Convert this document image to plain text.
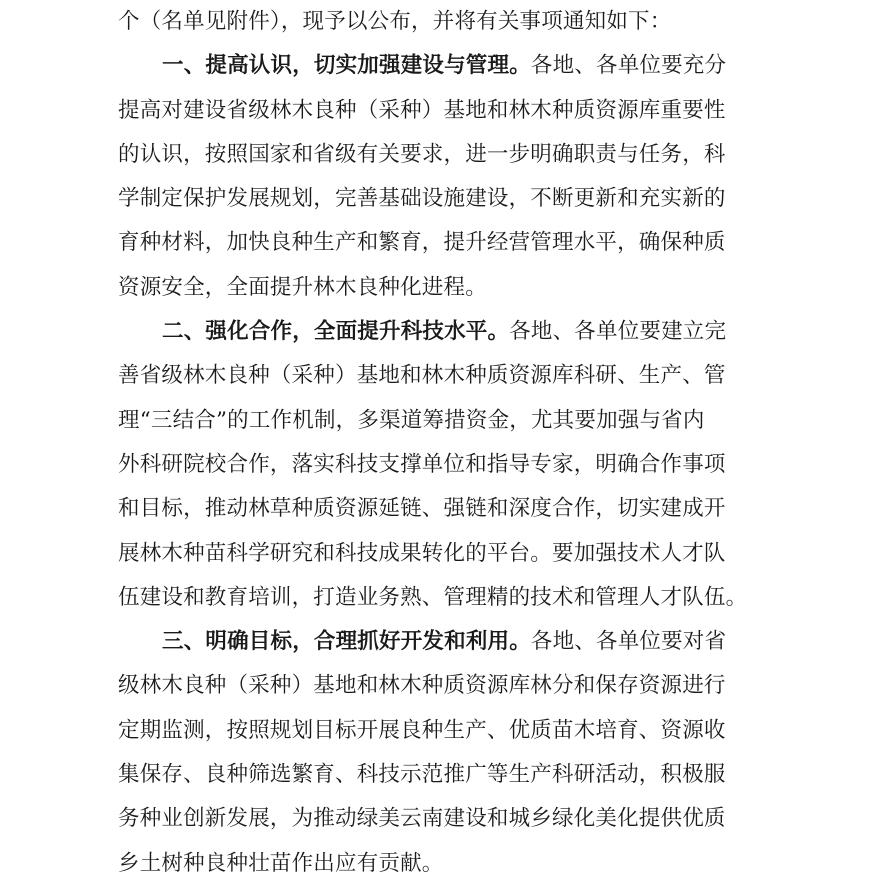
个（名单见附件），现予以公布，并将有关事项通知如下：
一、提高认识，切实加强建设与管理。各地、各单位要充分
提高对建设省级林木良种（采种）基地和林木种质资源库重要性
的认识，按照国家和省级有关要求，进一步明确职责与任务，科
学制定保护发展规划，完善基础设施建设，不断更新和充实新的
育种材料，加快良种生产和繁育，提升经营管理水平，确保种质
资源安全，全面提升林木良种化进程。
二、强化合作，全面提升科技水平。各地、各单位要建立完
善省级林木良种（采种）基地和林木种质资源库科研、生产、管
理“三结合”的工作机制，多渠道筹措资金，尤其要加强与省内
外科研院校合作，落实科技支撑单位和指导专家，明确合作事项
和目标，推动林草种质资源延链、强链和深度合作，切实建成开
展林木种苗科学研究和科技成果转化的平台。要加强技术人才队
伍建设和教育培训，打造业务熟、管理精的技术和管理人才队伍。
三、明确目标，合理抓好开发和利用。各地、各单位要对省
级林木良种（采种）基地和林木种质资源库林分和保存资源进行
定期监测，按照规划目标开展良种生产、优质苗木培育、资源收
集保存、良种筛选繁育、科技示范推广等生产科研活动，积极服
务种业创新发展，为推动绿美云南建设和城乡绿化美化提供优质
乡土树种良种壮苗作出应有贡献。
